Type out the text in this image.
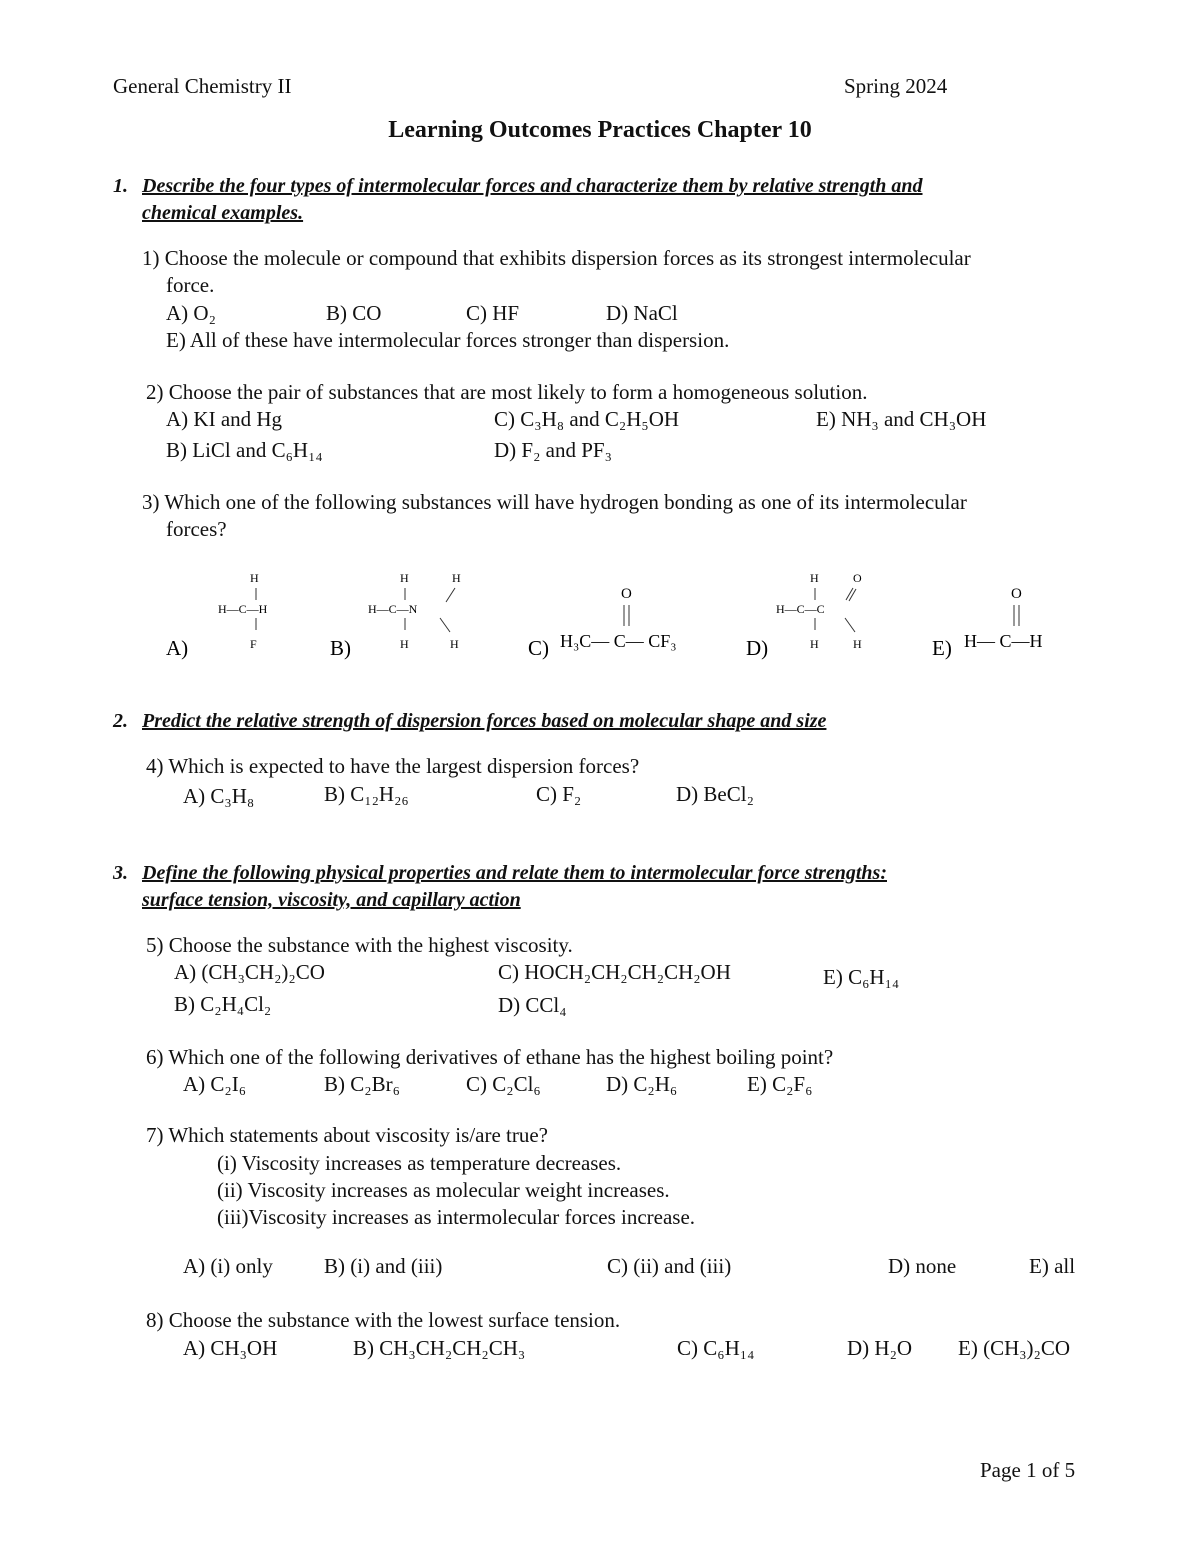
General Chemistry II	Spring 2024
Learning Outcomes Practices Chapter 10
1. Describe the four types of intermolecular forces and characterize them by relative strength and
chemical examples.
1) Choose the molecule or compound that exhibits dispersion forces as its strongest intermolecular
force.
A) O₂	B) CO	C) HF	D) NaCl
E) All of these have intermolecular forces stronger than dispersion.
2) Choose the pair of substances that are most likely to form a homogeneous solution.
A) KI and Hg	C) C₃H₈ and C₂H₅OH	E) NH₃ and CH₃OH
B) LiCl and C₆H₁₄	D) F₂ and PF₃
3) Which one of the following substances will have hydrogen bonding as one of its intermolecular
forces?
A)
H
H—C—H
F	B)
H	H
H—C—N
H	H	C)
O
H₃C— C— CF₃	D)
H	O
H—C—C
H	H	E)
O
H— C—H
2. Predict the relative strength of dispersion forces based on molecular shape and size
4) Which is expected to have the largest dispersion forces?
A) C₃H₈	B) C₁₂H₂₆	C) F₂	D) BeCl₂
3. Define the following physical properties and relate them to intermolecular force strengths:
surface tension, viscosity, and capillary action
5) Choose the substance with the highest viscosity.
A) (CH₃CH₂)₂CO	C) HOCH₂CH₂CH₂CH₂OH	E) C₆H₁₄
B) C₂H₄Cl₂	D) CCl₄
6) Which one of the following derivatives of ethane has the highest boiling point?
A) C₂I₆	B) C₂Br₆	C) C₂Cl₆	D) C₂H₆	E) C₂F₆
7) Which statements about viscosity is/are true?
(i) Viscosity increases as temperature decreases.
(ii) Viscosity increases as molecular weight increases.
(iii)Viscosity increases as intermolecular forces increase.
A) (i) only B) (i) and (iii)	C) (ii) and (iii)	D) none	E) all
8) Choose the substance with the lowest surface tension.
A) CH₃OH	B) CH₃CH₂CH₂CH₃	C) C₆H₁₄	D) H₂O E) (CH₃)₂CO
Page 1 of 5
